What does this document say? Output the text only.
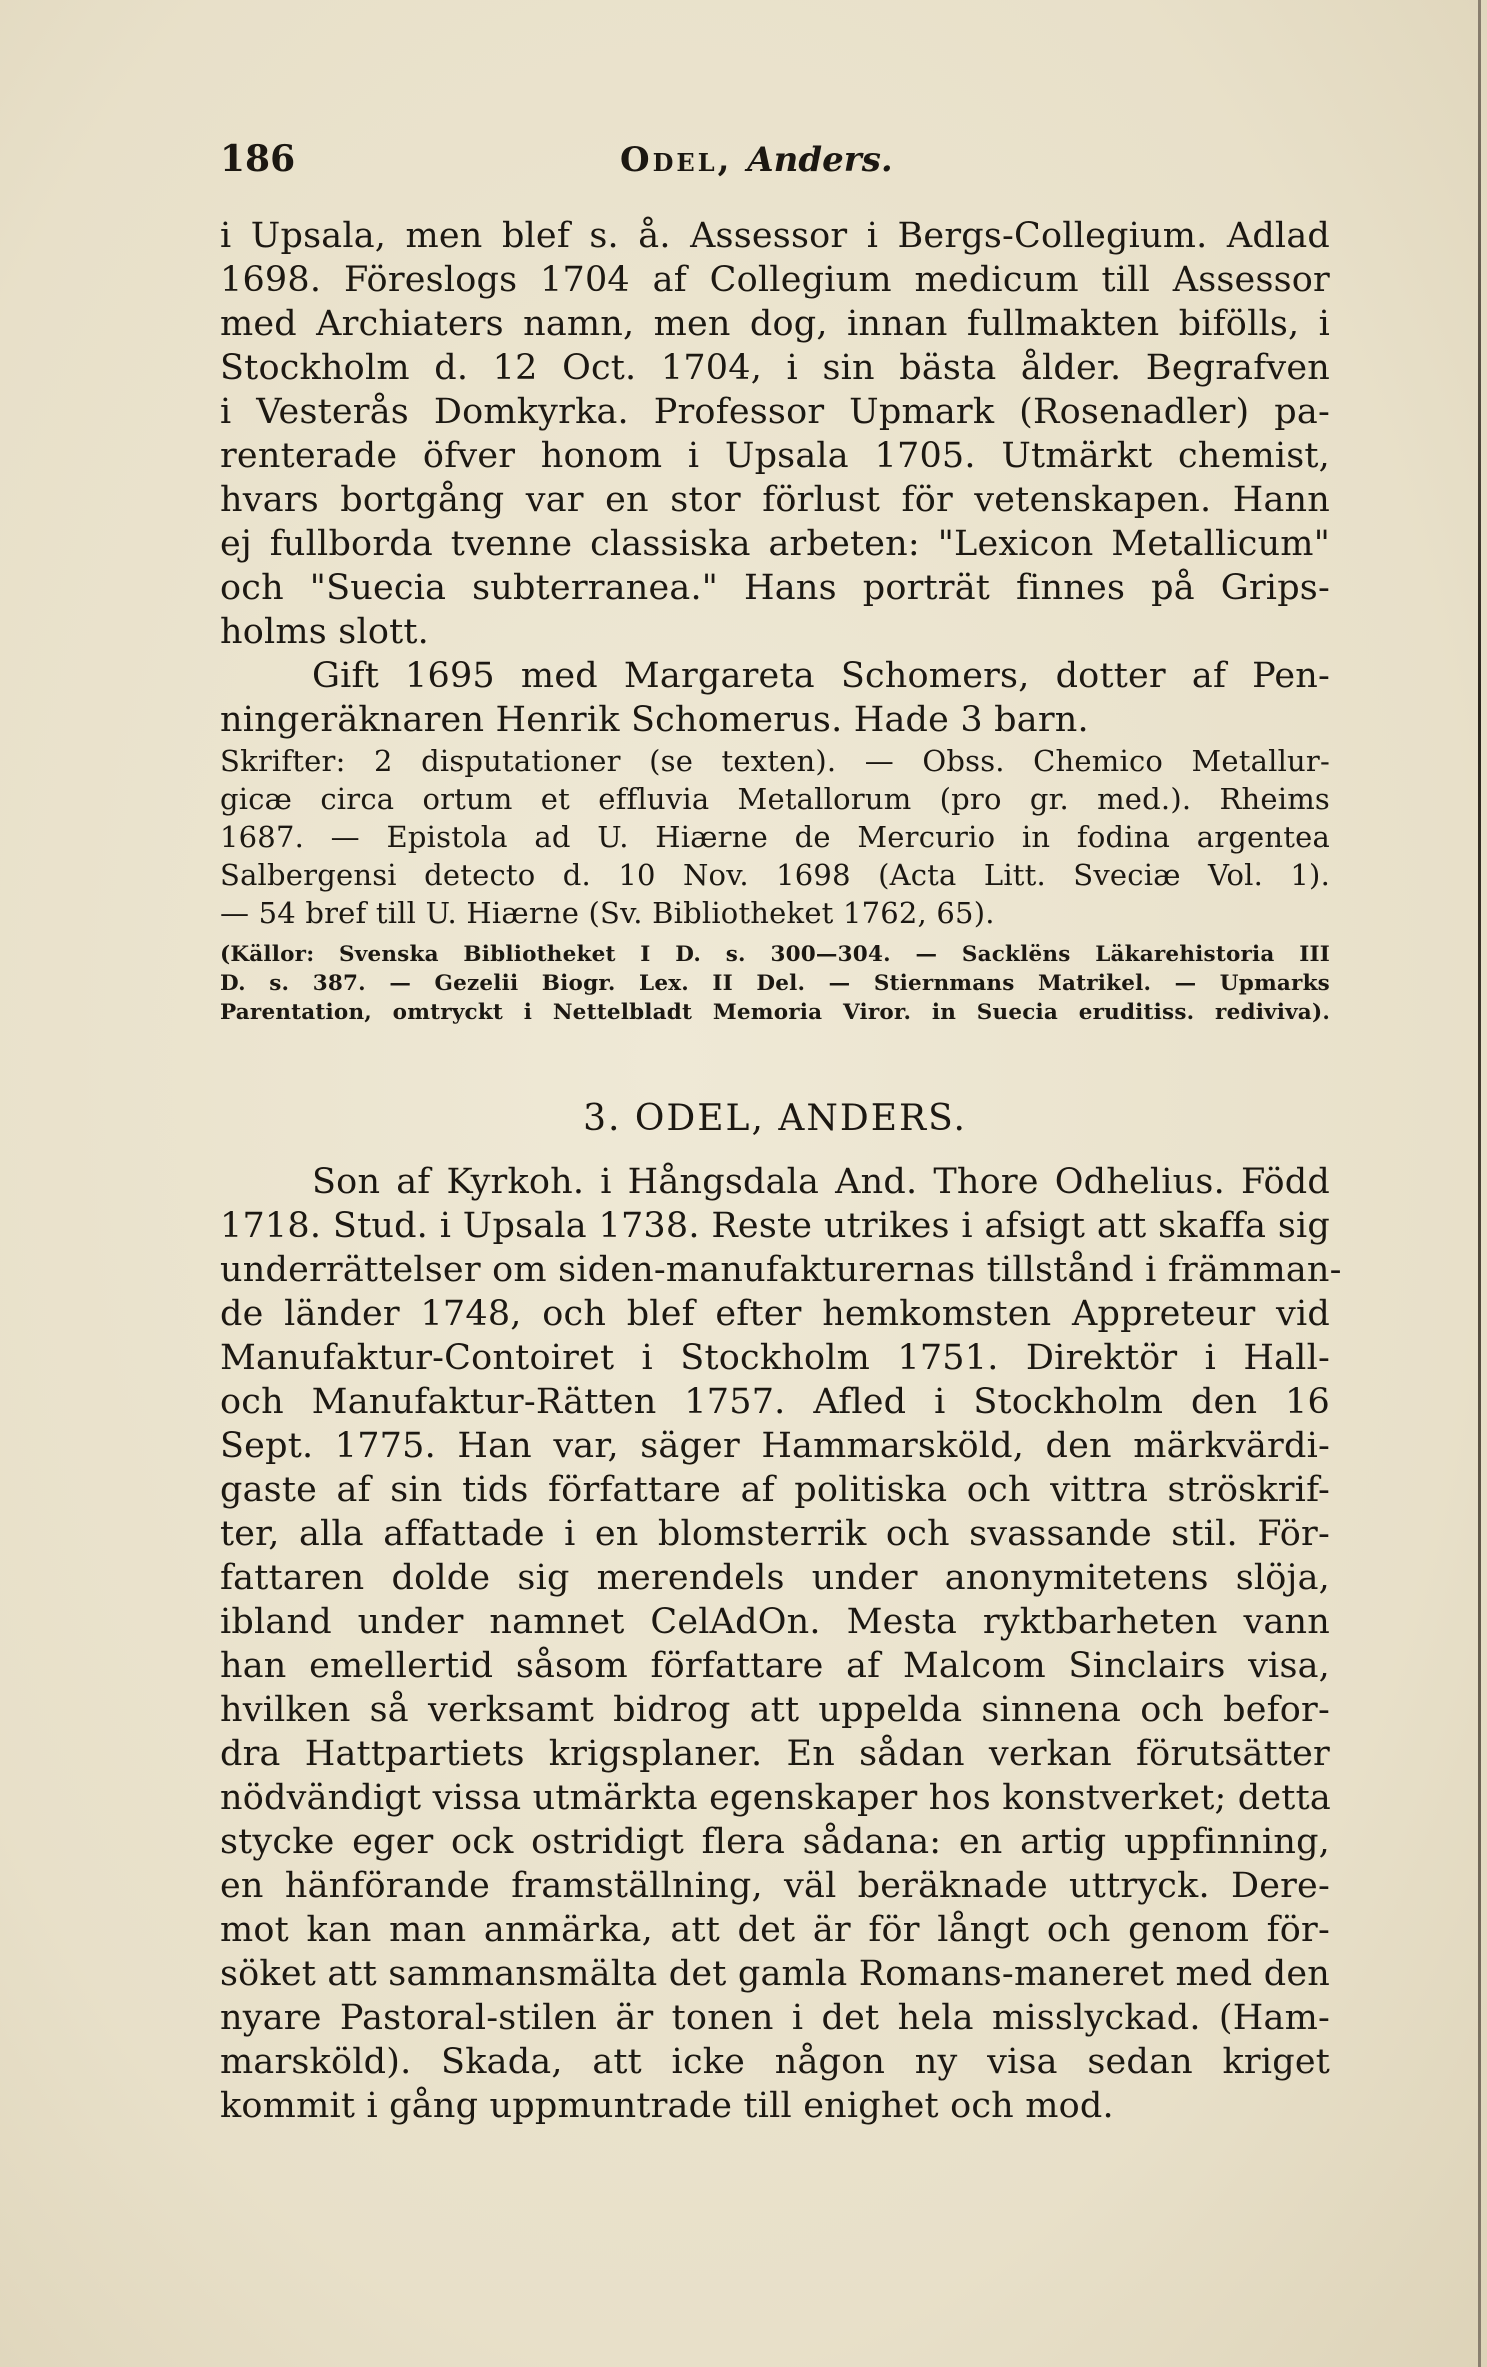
186	Odel, Anders.
i Upsala, men blef s. å. Assessor i Bergs-Collegium. Adlad
1698. Föreslogs 1704 af Collegium medicum till Assessor
med Archiaters namn, men dog, innan fullmakten bifölls, i
Stockholm d. 12 Oct. 1704, i sin bästa ålder. Begrafven
i Vesterås Domkyrka. Professor Upmark (Rosenadler) pa-
renterade öfver honom i Upsala 1705. Utmärkt chemist,
hvars bortgång var en stor förlust för vetenskapen. Hann
ej fullborda tvenne classiska arbeten: "Lexicon Metallicum"
och "Suecia subterranea." Hans porträt finnes på Grips-
holms slott.
Gift 1695 med Margareta Schomers, dotter af Pen-
ningeräknaren Henrik Schomerus. Hade 3 barn.
Skrifter: 2 disputationer (se texten). — Obss. Chemico Metallur-
gicæ circa ortum et effluvia Metallorum (pro gr. med.). Rheims
1687. — Epistola ad U. Hiærne de Mercurio in fodina argentea
Salbergensi detecto d. 10 Nov. 1698 (Acta Litt. Sveciæ Vol. 1).
— 54 bref till U. Hiærne (Sv. Bibliotheket 1762, 65).
(Källor: Svenska Bibliotheket I D. s. 300—304. — Sacklëns Läkarehistoria III
D. s. 387. — Gezelii Biogr. Lex. II Del. — Stiernmans Matrikel. — Upmarks
Parentation, omtryckt i Nettelbladt Memoria Viror. in Suecia eruditiss. rediviva).
3. ODEL, ANDERS.
Son af Kyrkoh. i Hångsdala And. Thore Odhelius. Född
1718. Stud. i Upsala 1738. Reste utrikes i afsigt att skaffa sig
underrättelser om siden-manufakturernas tillstånd i främman-
de länder 1748, och blef efter hemkomsten Appreteur vid
Manufaktur-Contoiret i Stockholm 1751. Direktör i Hall-
och Manufaktur-Rätten 1757. Afled i Stockholm den 16
Sept. 1775. Han var, säger Hammarsköld, den märkvärdi-
gaste af sin tids författare af politiska och vittra ströskrif-
ter, alla affattade i en blomsterrik och svassande stil. För-
fattaren dolde sig merendels under anonymitetens slöja,
ibland under namnet CelAdOn. Mesta ryktbarheten vann
han emellertid såsom författare af Malcom Sinclairs visa,
hvilken så verksamt bidrog att uppelda sinnena och befor-
dra Hattpartiets krigsplaner. En sådan verkan förutsätter
nödvändigt vissa utmärkta egenskaper hos konstverket; detta
stycke eger ock ostridigt flera sådana: en artig uppfinning,
en hänförande framställning, väl beräknade uttryck. Dere-
mot kan man anmärka, att det är för långt och genom för-
söket att sammansmälta det gamla Romans-maneret med den
nyare Pastoral-stilen är tonen i det hela misslyckad. (Ham-
marsköld). Skada, att icke någon ny visa sedan kriget
kommit i gång uppmuntrade till enighet och mod.
